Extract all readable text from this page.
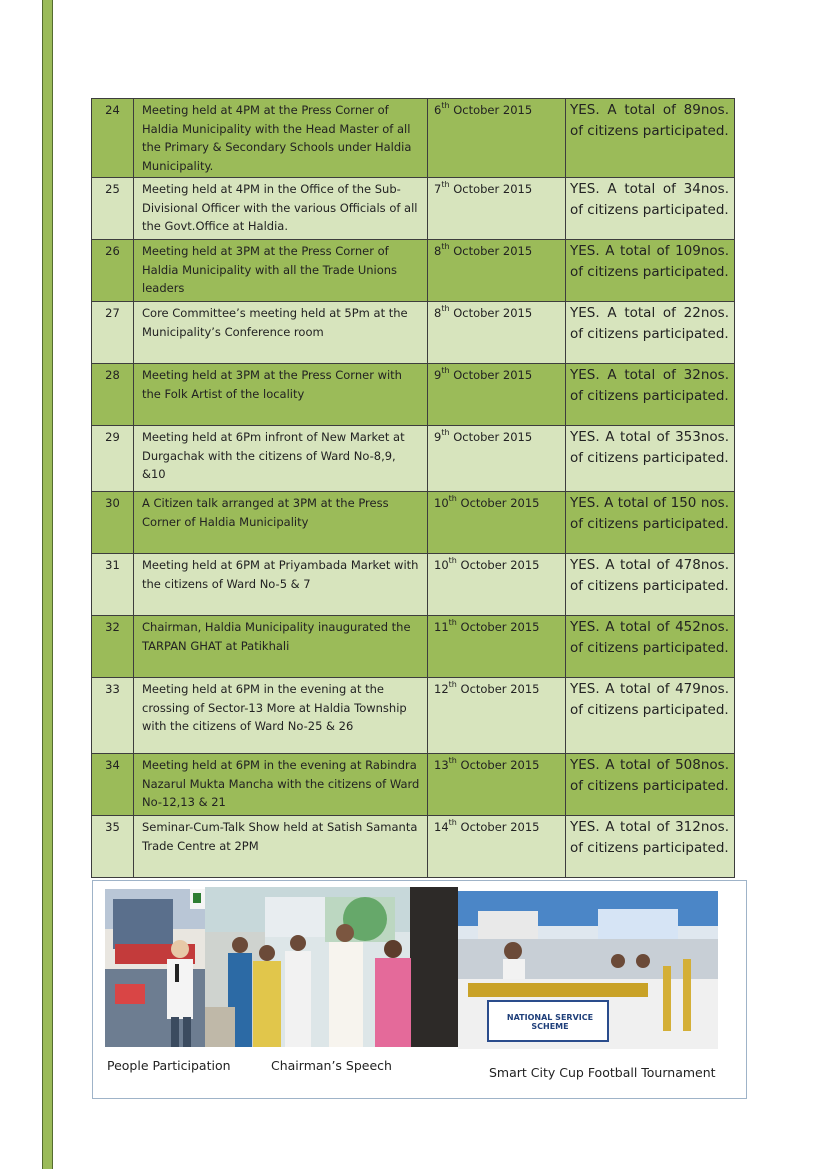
24	Meeting held at 4PM at the Press Corner of Haldia Municipality with the Head Master of all the Primary & Secondary Schools under Haldia Municipality.	6th October 2015	YES. A total of 89nos. of citizens participated.
25	Meeting held at 4PM in the Office of the Sub-Divisional Officer with the various Officials of all the Govt.Office at Haldia.	7th October 2015	YES. A total of 34nos. of citizens participated.
26	Meeting held at 3PM at the Press Corner of Haldia Municipality with all the Trade Unions leaders	8th October 2015	YES. A total of 109nos. of citizens participated.
27	Core Committee’s meeting held at 5Pm at the Municipality’s Conference room	8th October 2015	YES. A total of 22nos. of citizens participated.
28	Meeting held at 3PM at the Press Corner with the Folk Artist of the locality	9th October 2015	YES. A total of 32nos. of citizens participated.
29	Meeting held at 6Pm infront of New Market at Durgachak with the citizens of Ward No-8,9, &10	9th October 2015	YES. A total of 353nos. of citizens participated.
30	A Citizen talk arranged at 3PM at the Press Corner of Haldia Municipality	10th October 2015	YES. A total of 150 nos. of citizens participated.
31	Meeting held at 6PM at Priyambada Market with the citizens of Ward No-5 & 7	10th October 2015	YES. A total of 478nos. of citizens participated.
32	Chairman, Haldia Municipality inaugurated the TARPAN GHAT at Patikhali	11th October 2015	YES. A total of 452nos. of citizens participated.
33	Meeting held at 6PM in the evening at the crossing of Sector-13 More at Haldia Township with the citizens of Ward No-25 & 26	12th October 2015	YES. A total of 479nos. of citizens participated.
34	Meeting held at 6PM in the evening at Rabindra Nazarul Mukta Mancha with the citizens of Ward No-12,13 & 21	13th October 2015	YES. A total of 508nos. of citizens participated.
35	Seminar-Cum-Talk Show held at Satish Samanta Trade Centre at 2PM	14th October 2015	YES. A total of 312nos. of citizens participated.
NATIONAL SERVICE SCHEME
People Participation	Chairman’s Speech	Smart City Cup Football Tournament
